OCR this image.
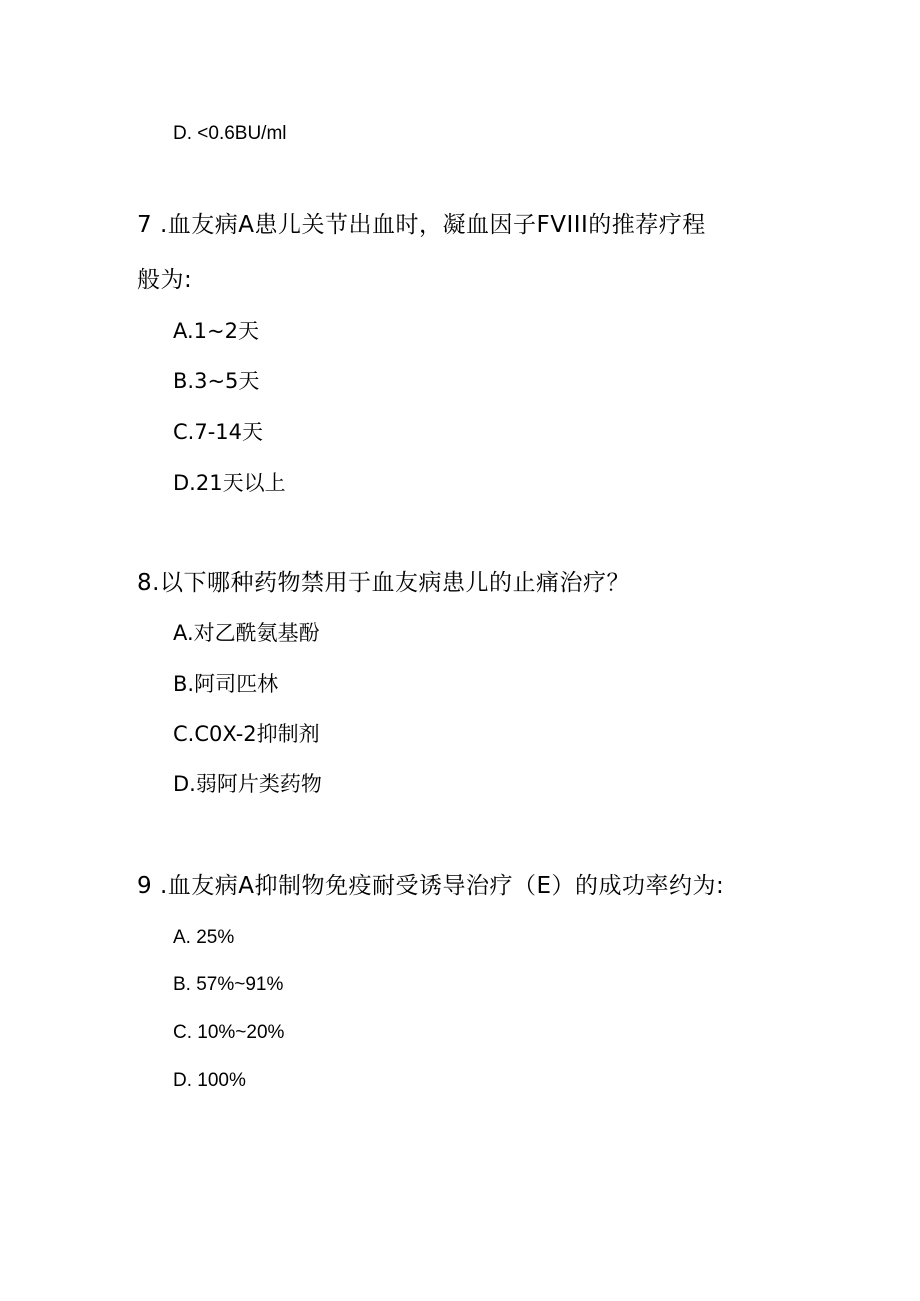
D. <0.6BU/ml
7 .血友病A患儿关节出血时，凝血因子FVIII的推荐疗程
般为:
A.1~2天
B.3~5天
C.7-14天
D.21天以上
8.以下哪种药物禁用于血友病患儿的止痛治疗？
A.对乙酰氨基酚
B.阿司匹林
C.C0X-2抑制剂
D.弱阿片类药物
9 .血友病A抑制物免疫耐受诱导治疗（E）的成功率约为:
A. 25%
B. 57%~91%
C. 10%~20%
D. 100%
